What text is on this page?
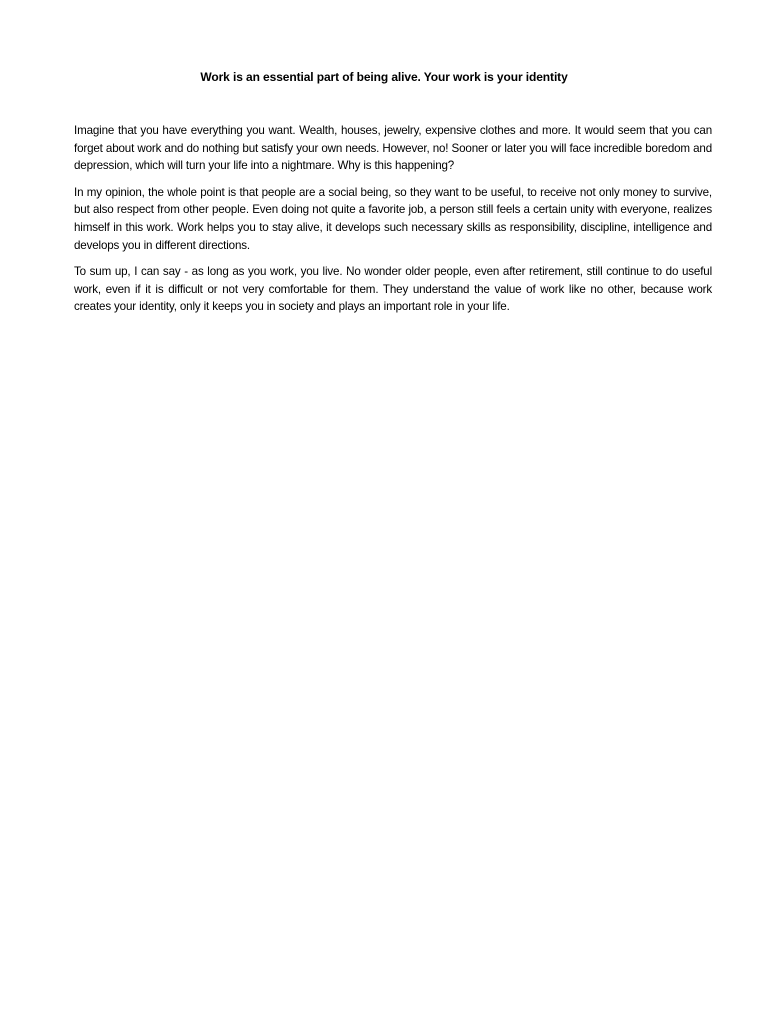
Work is an essential part of being alive. Your work is your identity

Imagine that you have everything you want. Wealth, houses, jewelry, expensive clothes and more. It would seem that you can forget about work and do nothing but satisfy your own needs. However, no! Sooner or later you will face incredible boredom and depression, which will turn your life into a nightmare. Why is this happening?

In my opinion, the whole point is that people are a social being, so they want to be useful, to receive not only money to survive, but also respect from other people. Even doing not quite a favorite job, a person still feels a certain unity with everyone, realizes himself in this work. Work helps you to stay alive, it develops such necessary skills as responsibility, discipline, intelligence and develops you in different directions.

To sum up, I can say - as long as you work, you live. No wonder older people, even after retirement, still continue to do useful work, even if it is difficult or not very comfortable for them. They understand the value of work like no other, because work creates your identity, only it keeps you in society and plays an important role in your life.
